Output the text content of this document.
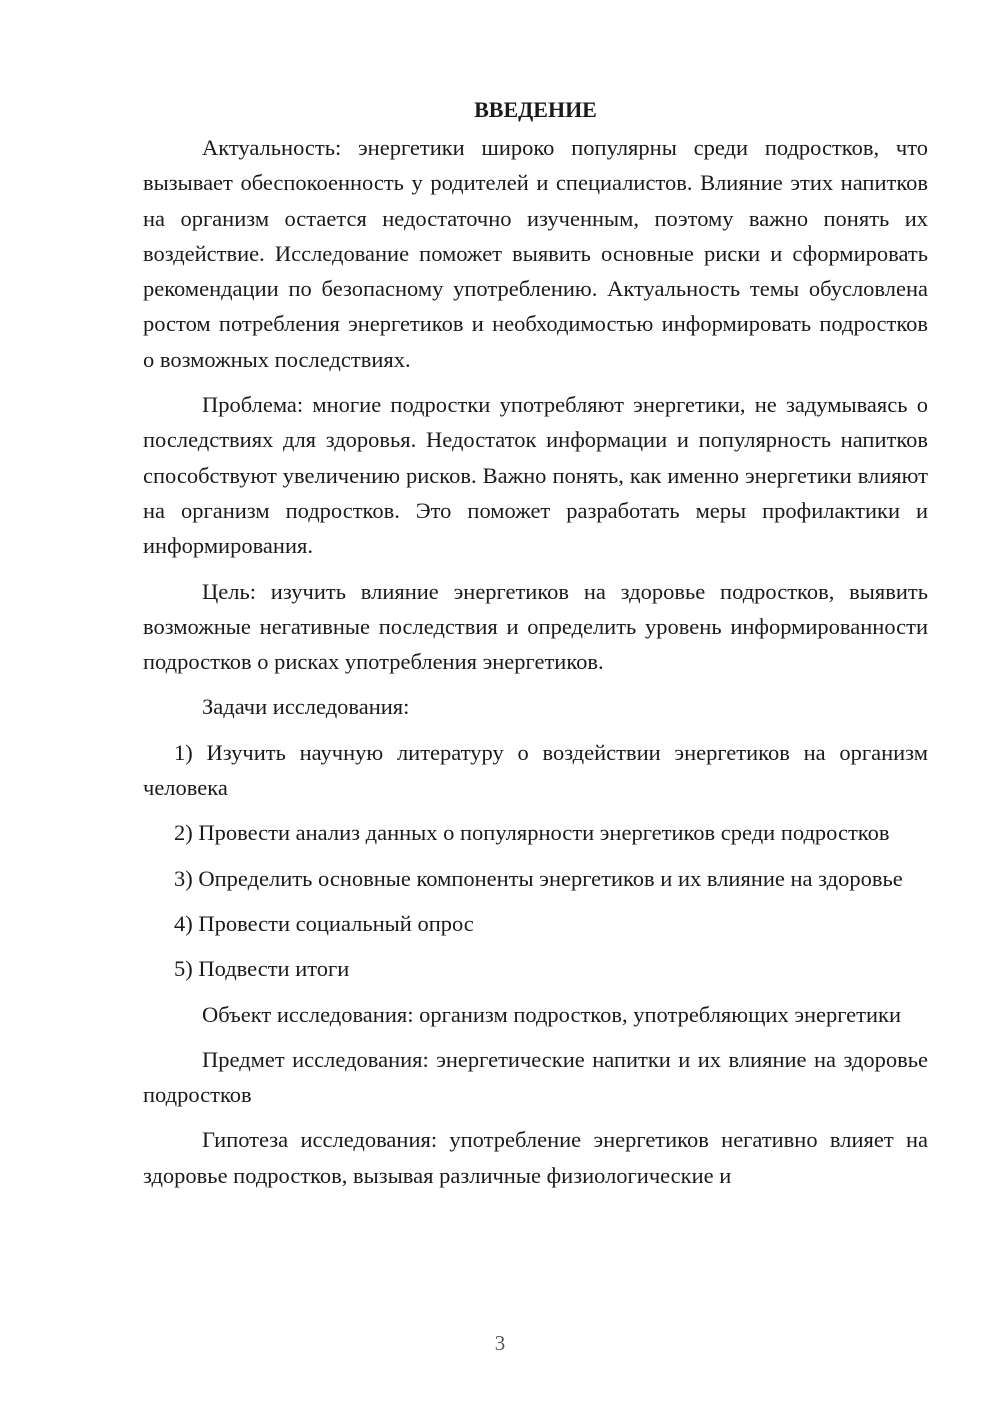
ВВЕДЕНИЕ

Актуальность: энергетики широко популярны среди подростков, что вызывает обеспокоенность у родителей и специалистов. Влияние этих напитков на организм остается недостаточно изученным, поэтому важно понять их воздействие. Исследование поможет выявить основные риски и сформировать рекомендации по безопасному употреблению. Актуальность темы обусловлена ростом потребления энергетиков и необходимостью информировать подростков о возможных последствиях.

Проблема: многие подростки употребляют энергетики, не задумываясь о последствиях для здоровья. Недостаток информации и популярность напитков способствуют увеличению рисков. Важно понять, как именно энергетики влияют на организм подростков. Это поможет разработать меры профилактики и информирования.

Цель: изучить влияние энергетиков на здоровье подростков, выявить возможные негативные последствия и определить уровень информированности подростков о рисках употребления энергетиков.

Задачи исследования:

1) Изучить научную литературу о воздействии энергетиков на организм человека

2) Провести анализ данных о популярности энергетиков среди подростков

3) Определить основные компоненты энергетиков и их влияние на здоровье

4) Провести социальный опрос

5) Подвести итоги

Объект исследования: организм подростков, употребляющих энергетики

Предмет исследования: энергетические напитки и их влияние на здоровье подростков

Гипотеза исследования: употребление энергетиков негативно влияет на здоровье подростков, вызывая различные физиологические и

3
